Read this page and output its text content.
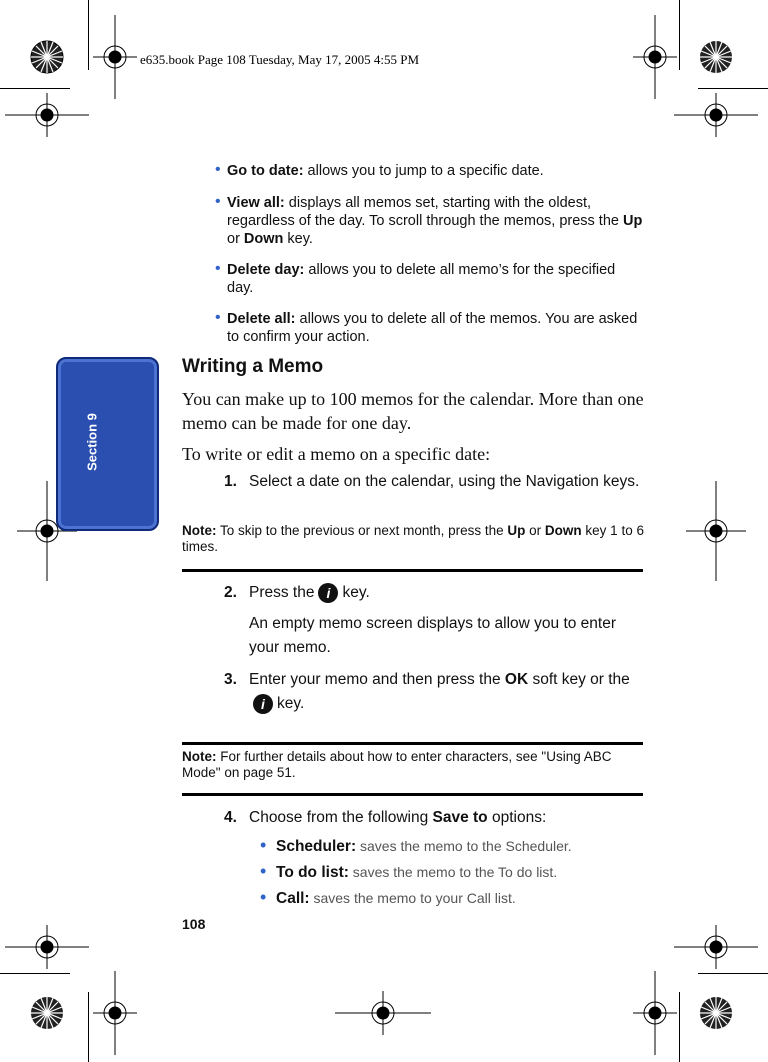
e635.book Page 108 Tuesday, May 17, 2005 4:55 PM
Section 9
• Go to date: allows you to jump to a specific date.
• View all: displays all memos set, starting with the oldest, regardless of the day. To scroll through the memos, press the Up or Down key.
• Delete day: allows you to delete all memo’s for the specified day.
• Delete all: allows you to delete all of the memos. You are asked to confirm your action.
Writing a Memo
You can make up to 100 memos for the calendar. More than one memo can be made for one day.
To write or edit a memo on a specific date:
1. Select a date on the calendar, using the Navigation keys.
Note: To skip to the previous or next month, press the Up or Down key 1 to 6 times.
2. Press the i key.
An empty memo screen displays to allow you to enter your memo.
3. Enter your memo and then press the OK soft key or the
i key.
Note: For further details about how to enter characters, see "Using ABC Mode" on page 51.
4. Choose from the following Save to options:
• Scheduler: saves the memo to the Scheduler.
• To do list: saves the memo to the To do list.
• Call: saves the memo to your Call list.
108
